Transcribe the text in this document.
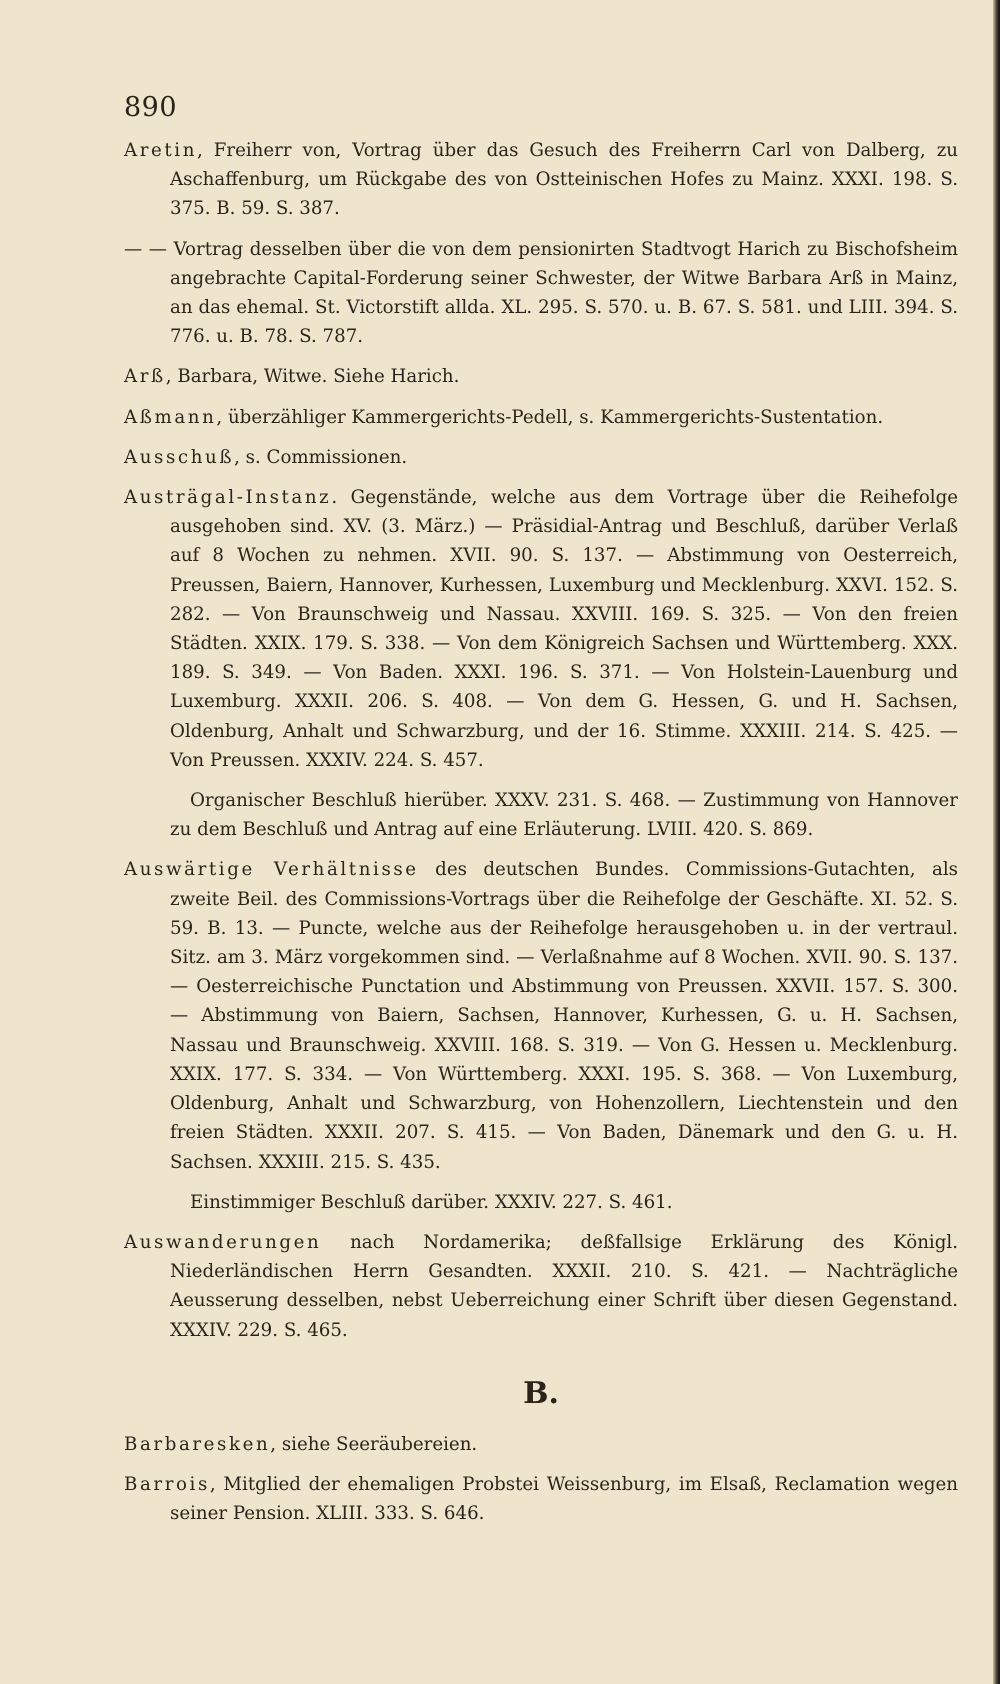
890

Aretin, Freiherr von, Vortrag über das Gesuch des Freiherrn Carl von Dalberg, zu Aschaffenburg, um Rückgabe des von Ostteinischen Hofes zu Mainz. XXXI. 198. S. 375. B. 59. S. 387.

— — Vortrag desselben über die von dem pensionirten Stadtvogt Harich zu Bischofsheim angebrachte Capital-Forderung seiner Schwester, der Witwe Barbara Arß in Mainz, an das ehemal. St. Victorstift allda. XL. 295. S. 570. u. B. 67. S. 581. und LIII. 394. S. 776. u. B. 78. S. 787.

Arß, Barbara, Witwe. Siehe Harich.

Aßmann, überzähliger Kammergerichts-Pedell, s. Kammergerichts-Sustentation.

Ausschuß, s. Commissionen.

Austrägal-Instanz. Gegenstände, welche aus dem Vortrage über die Reihefolge ausgehoben sind. XV. (3. März.) — Präsidial-Antrag und Beschluß, darüber Verlaß auf 8 Wochen zu nehmen. XVII. 90. S. 137. — Abstimmung von Oesterreich, Preussen, Baiern, Hannover, Kurhessen, Luxemburg und Mecklenburg. XXVI. 152. S. 282. — Von Braunschweig und Nassau. XXVIII. 169. S. 325. — Von den freien Städten. XXIX. 179. S. 338. — Von dem Königreich Sachsen und Württemberg. XXX. 189. S. 349. — Von Baden. XXXI. 196. S. 371. — Von Holstein-Lauenburg und Luxemburg. XXXII. 206. S. 408. — Von dem G. Hessen, G. und H. Sachsen, Oldenburg, Anhalt und Schwarzburg, und der 16. Stimme. XXXIII. 214. S. 425. — Von Preussen. XXXIV. 224. S. 457.

Organischer Beschluß hierüber. XXXV. 231. S. 468. — Zustimmung von Hannover zu dem Beschluß und Antrag auf eine Erläuterung. LVIII. 420. S. 869.

Auswärtige Verhältnisse des deutschen Bundes. Commissions-Gutachten, als zweite Beil. des Commissions-Vortrags über die Reihefolge der Geschäfte. XI. 52. S. 59. B. 13. — Puncte, welche aus der Reihefolge herausgehoben u. in der vertraul. Sitz. am 3. März vorgekommen sind. — Verlaßnahme auf 8 Wochen. XVII. 90. S. 137. — Oesterreichische Punctation und Abstimmung von Preussen. XXVII. 157. S. 300. — Abstimmung von Baiern, Sachsen, Hannover, Kurhessen, G. u. H. Sachsen, Nassau und Braunschweig. XXVIII. 168. S. 319. — Von G. Hessen u. Mecklenburg. XXIX. 177. S. 334. — Von Württemberg. XXXI. 195. S. 368. — Von Luxemburg, Oldenburg, Anhalt und Schwarzburg, von Hohenzollern, Liechtenstein und den freien Städten. XXXII. 207. S. 415. — Von Baden, Dänemark und den G. u. H. Sachsen. XXXIII. 215. S. 435.

Einstimmiger Beschluß darüber. XXXIV. 227. S. 461.

Auswanderungen nach Nordamerika; deßfallsige Erklärung des Königl. Niederländischen Herrn Gesandten. XXXII. 210. S. 421. — Nachträgliche Aeusserung desselben, nebst Ueberreichung einer Schrift über diesen Gegenstand. XXXIV. 229. S. 465.

B.

Barbaresken, siehe Seeräubereien.

Barrois, Mitglied der ehemaligen Probstei Weissenburg, im Elsaß, Reclamation wegen seiner Pension. XLIII. 333. S. 646.
